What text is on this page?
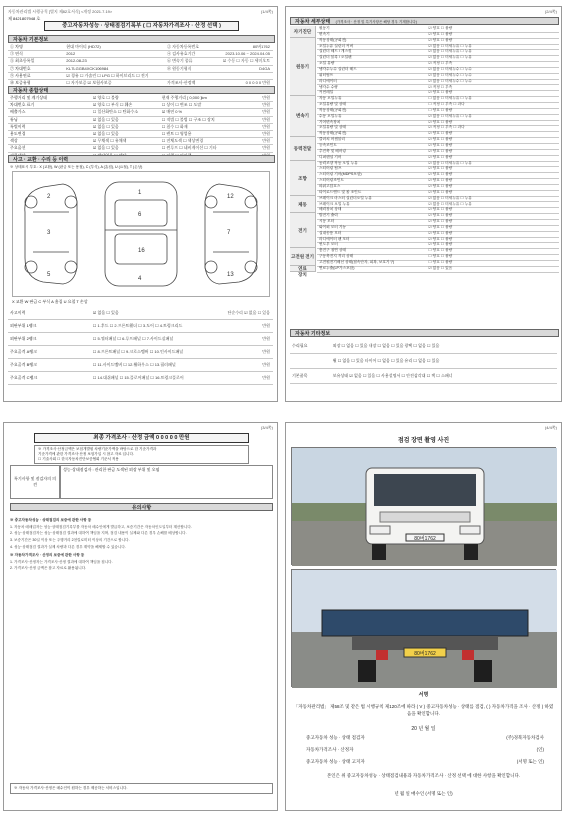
자동차관리법 시행규칙 [별지 제82호서식] <개정 2021.7.19>	(1/4쪽)
제 8421807948 호
중고자동차성능 · 상태점검기록부 ( ☐ 자동차가격조사 · 산정 선택 )
자동차 기본정보
① 차명	현대 마이티 (HD72)	② 자동차등록번호	80버1762
③ 연식	2012	④ 검사유효기간	2023.10.06 ~ 2024.04.05
⑤ 최초등록일	2012-08-23	⑥ 변속기 종류	☑ 수동 ☐ 자동 ☐ 세미오토
⑦ 차대번호	KL7LGGB4XCK106984	⑧ 원동기형식	D4GA
⑨ 사용연료	☑ 경유 ☐ 가솔린 ☐ LPG ☐ 하이브리드 ☐ 전기
⑩ 보증유형	☐ 자가보증 ☑ 보험사보증	가격조사·산정액	0 0 0 0 0 만원
자동차 종합상태
주행거리 및 계기상태	☑ 양호 ☐ 불량	현재 주행거리 [ 0,000 ]km	만원
차대번호 표기	☑ 양호 ☐ 부식 ☐ 훼손	☐ 상이 ☐ 변조 ☐ 도말	만원
배출가스	☐ 일산화탄소 ☐ 탄화수소	☑ 매연 0 %	만원
튜닝	☑ 없음 ☐ 있음	☐ 적법 ☐ 불법 ☐ 구조 ☐ 장치	만원
특별이력	☑ 없음 ☐ 있음	☐ 침수 ☐ 화재	만원
용도변경	☑ 없음 ☐ 있음	☐ 렌트 ☐ 영업용	만원
색상	☑ 무채색 ☐ 유채색	☐ 전체도색 ☐ 색상변경	만원
주요옵션	☑ 없음 ☐ 있음	☐ 썬루프 ☐ 네비게이션 ☐ 기타	만원
사고 · 교환 · 수리 등 이력
※ 상태표시 부호 : X (교환), W (판금 또는 용접), C (부식), A (흠집), U (요철), T (손상)
3
2
5
1
6
16
4
7
12
13
X 교환 W 판금 C 부식 A 흠집 U 요철 T 손상
사고이력	☑ 없음 ☐ 있음	단순수리 ☑ 없음 ☐ 있음
외판부위 1랭크	☐ 1.후드 ☐ 2.프론트휀더 ☐ 3.도어 ☐ 4.트렁크리드	만원
외판부위 2랭크	☐ 5.쿼터패널 ☐ 6.루프패널 ☐ 7.사이드실패널	만원
주요골격 A랭크	☐ 8.프론트패널 ☐ 9.크로스멤버 ☐ 10.인사이드패널	만원
주요골격 B랭크	☐ 11.사이드멤버 ☐ 12.휠하우스 ☐ 13.필러패널	만원
주요골격 C랭크	☐ 14.대쉬패널 ☐ 15.플로어패널 ☐ 16.트렁크플로어	만원
(2/4쪽)
자동차 세부상태 (가격조사 · 산정 및 특기사항은 해당 경우 기재합니다)
자기진단
원동기	☑ 양호 ☐ 불량
변속기	☑ 양호 ☐ 불량
원동기
작동상태(공회전)	☑ 양호 ☐ 불량
오일누유 실린더 커버	☑ 없음 ☐ 미세누유 ☐ 누유
실린더 헤드 / 개스킷	☑ 없음 ☐ 미세누유 ☐ 누유
실린더 블록 / 오일팬	☑ 없음 ☐ 미세누유 ☐ 누유
오일 유량	☑ 적정 ☐ 부족
냉각수누수 실린더 헤드	☑ 없음 ☐ 미세누수 ☐ 누수
워터펌프	☑ 없음 ☐ 미세누수 ☐ 누수
라디에이터	☑ 없음 ☐ 미세누수 ☐ 누수
냉각수 수량	☑ 적정 ☐ 부족
커먼레일	☑ 양호 ☐ 불량
변속기
자동 오일누유	☐ 없음 ☐ 미세누유 ☐ 누유
오일유량 및 상태	☐ 적정 ☐ 부족 ☐ 과다
작동상태(공회전)	☐ 양호 ☐ 불량
수동 오일누유	☑ 없음 ☐ 미세누유 ☐ 누유
기어변속장치	☑ 양호 ☐ 불량
오일유량 및 상태	☑ 적정 ☐ 부족 ☐ 과다
작동상태(공회전)	☑ 양호 ☐ 불량
동력전달
클러치 어셈블리	☑ 양호 ☐ 불량
등속조인트	☑ 양호 ☐ 불량
추진축 및 베어링	☑ 양호 ☐ 불량
디퍼렌셜 기어	☑ 양호 ☐ 불량
조향
동력조향 작동 오일 누유	☑ 없음 ☐ 미세누유 ☐ 누유
스티어링 펌프	☑ 양호 ☐ 불량
스티어링 기어(MDPS포함)	☑ 양호 ☐ 불량
스티어링조인트	☑ 양호 ☐ 불량
파워고압호스	☑ 양호 ☐ 불량
타이로드엔드 및 볼 조인트	☑ 양호 ☐ 불량
제동
브레이크 마스터 실린더오일 누유	☑ 없음 ☐ 미세누유 ☐ 누유
브레이크 오일 누유	☑ 없음 ☐ 미세누유 ☐ 누유
배력장치 상태	☑ 양호 ☐ 불량
전기
발전기 출력	☑ 양호 ☐ 불량
시동 모터	☑ 양호 ☐ 불량
와이퍼 모터 기능	☑ 양호 ☐ 불량
실내송풍 모터	☑ 양호 ☐ 불량
라디에이터 팬 모터	☑ 양호 ☐ 불량
윈도우 모터	☑ 양호 ☐ 불량
고전원 전기장치
충전구 절연 상태	☐ 양호 ☐ 불량
구동축전지 격리 상태	☐ 양호 ☐ 불량
고전원전기배선 상태(접속단자, 피복, 보호기구)	☐ 양호 ☐ 불량
연료	연료누출(LP가스포함)	☑ 없음 ☐ 있음
자동차 기타정보
수리필요	외장 ☐ 없음 ☐ 있음 내장 ☐ 없음 ☐ 있음 광택 ☐ 없음 ☐ 있음
휠 ☐ 없음 ☐ 있음 타이어 ☐ 없음 ☐ 있음 유리 ☐ 없음 ☐ 있음
기본품목	보유상태 ☑ 없음 ☐ 있음 ☐ 사용설명서 ☐ 안전삼각대 ☐ 잭 ☐ 스패너
(3/4쪽)
최종 가격조사 · 산정 금액 0 0 0 0 0 만원
※ 가격조사·산정금액은 보험개발원 차량기준가액을 바탕으로 한 기준가격과
기준가격에 관한 가격조사·산정 보험가입 시 참고 자료 입니다.
☐ 기술사회 ☐ 한국자동차진단보증협회 기준서 적용
특기사항 및 점검자의 의견
성능·상태점검자 : 관리한 판금 도색된 외장 부위 및 오염
유의사항

※ 중고자동차성능 · 상태점검의 보증에 관한 사항 등

1. 자동차 매매업자는 성능·상태점검기록부를 자동차 매수인에게 발급하고, 보증기간은 자동차인도일부터 계산합니다.

2. 성능·상태점검자는 성능·상태점검 결과에 대하여 책임을 지며, 점검 내용이 실제와 다른 경우 손해를 배상합니다.

3. 보증기간은 30일 이상 또는 주행거리 2천킬로미터 이상의 기간으로 합니다.

4. 성능·상태점검 결과가 실제 차량과 다른 경우 계약을 해제할 수 있습니다.

※ 자동차가격조사 · 산정의 보증에 관한 사항 등

1. 가격조사·산정자는 가격조사·산정 결과에 대하여 책임을 집니다.

2. 가격조사·산정 금액은 참고 자료로 활용됩니다.

※ 자동차 가격조사·산정은 매수인이 원하는 경우 제공하는 서비스입니다.
(4/4쪽)
점검 장면 촬영 사진
80버1762
80버1762
서명
「자동차관리법」 제58조 및 같은 법 시행규칙 제120조에 따라 ( V ) 중고자동차성능 · 상태를 점검, ( ) 자동차가격을 조사 · 산정 ) 하였음을 확인합니다.
20 년 월 일
중고자동차 성능 · 상태 점검자	(주)경북자동차검사
자동차가격조사 · 산정자	(인)
중고자동차 성능 · 상태 고지자	(서명 또는 인)
본인은 위 중고자동차성능 · 상태점검내용과 자동차가격조사 · 산정 선택 에 대한 사항을 확인합니다.
년 월 일 매수인 (서명 또는 인)
